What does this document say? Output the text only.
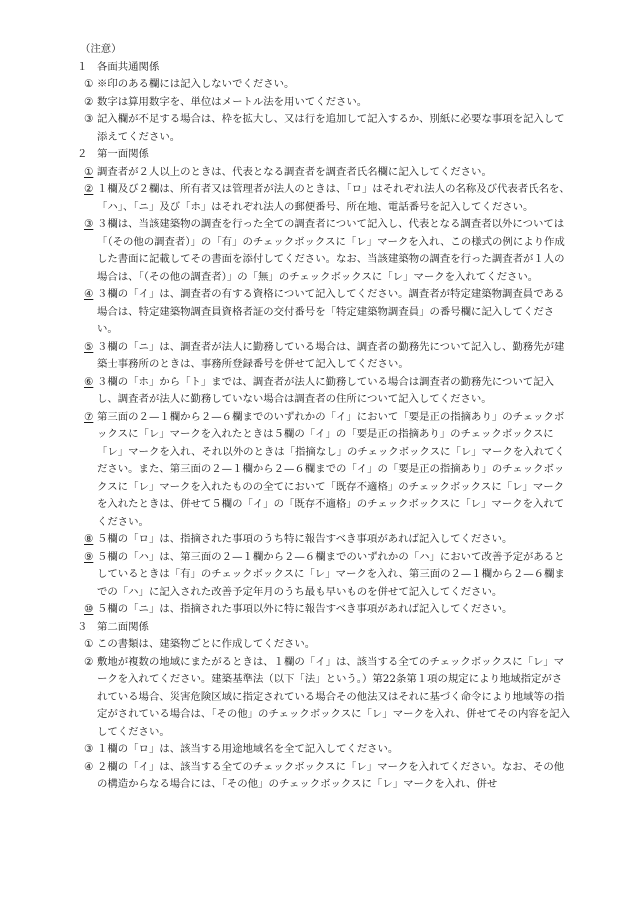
（注意）
１ 各面共通関係
① ※印のある欄には記入しないでください。
② 数字は算用数字を、単位はメートル法を用いてください。
③ 記入欄が不足する場合は、枠を拡大し、又は行を追加して記入するか、別紙に必要な事項を記入して添えてください。
２ 第一面関係
① 調査者が２人以上のときは、代表となる調査者を調査者氏名欄に記入してください。
② １欄及び２欄は、所有者又は管理者が法人のときは、「ロ」はそれぞれ法人の名称及び代表者氏名を、「ハ」、「ニ」及び「ホ」はそれぞれ法人の郵便番号、所在地、電話番号を記入してください。
③ ３欄は、当該建築物の調査を行った全ての調査者について記入し、代表となる調査者以外については「（その他の調査者）」の「有」のチェックボックスに「レ」マークを入れ、この様式の例により作成した書面に記載してその書面を添付してください。なお、当該建築物の調査を行った調査者が１人の場合は、「（その他の調査者）」の「無」のチェックボックスに「レ」マークを入れてください。
④ ３欄の「イ」は、調査者の有する資格について記入してください。調査者が特定建築物調査員である場合は、特定建築物調査員資格者証の交付番号を「特定建築物調査員」の番号欄に記入してください。
⑤ ３欄の「ニ」は、調査者が法人に勤務している場合は、調査者の勤務先について記入し、勤務先が建築士事務所のときは、事務所登録番号を併せて記入してください。
⑥ ３欄の「ホ」から「ト」までは、調査者が法人に勤務している場合は調査者の勤務先について記入し、調査者が法人に勤務していない場合は調査者の住所について記入してください。
⑦ 第三面の２—１欄から２—６欄までのいずれかの「イ」において「要是正の指摘あり」のチェックボックスに「レ」マークを入れたときは５欄の「イ」の「要是正の指摘あり」のチェックボックスに「レ」マークを入れ、それ以外のときは「指摘なし」のチェックボックスに「レ」マークを入れてください。また、第三面の２—１欄から２—６欄までの「イ」の「要是正の指摘あり」のチェックボックスに「レ」マークを入れたものの全てにおいて「既存不適格」のチェックボックスに「レ」マークを入れたときは、併せて５欄の「イ」の「既存不適格」のチェックボックスに「レ」マークを入れてください。
⑧ ５欄の「ロ」は、指摘された事項のうち特に報告すべき事項があれば記入してください。
⑨ ５欄の「ハ」は、第三面の２—１欄から２—６欄までのいずれかの「ハ」において改善予定があるとしているときは「有」のチェックボックスに「レ」マークを入れ、第三面の２—１欄から２—６欄までの「ハ」に記入された改善予定年月のうち最も早いものを併せて記入してください。
⑩ ５欄の「ニ」は、指摘された事項以外に特に報告すべき事項があれば記入してください。
３ 第二面関係
① この書類は、建築物ごとに作成してください。
② 敷地が複数の地域にまたがるときは、１欄の「イ」は、該当する全てのチェックボックスに「レ」マークを入れてください。建築基準法（以下「法」という。）第22条第１項の規定により地域指定がされている場合、災害危険区域に指定されている場合その他法又はそれに基づく命令により地域等の指定がされている場合は、「その他」のチェックボックスに「レ」マークを入れ、併せてその内容を記入してください。
③ １欄の「ロ」は、該当する用途地域名を全て記入してください。
④ ２欄の「イ」は、該当する全てのチェックボックスに「レ」マークを入れてください。なお、その他の構造からなる場合には、「その他」のチェックボックスに「レ」マークを入れ、併せ
